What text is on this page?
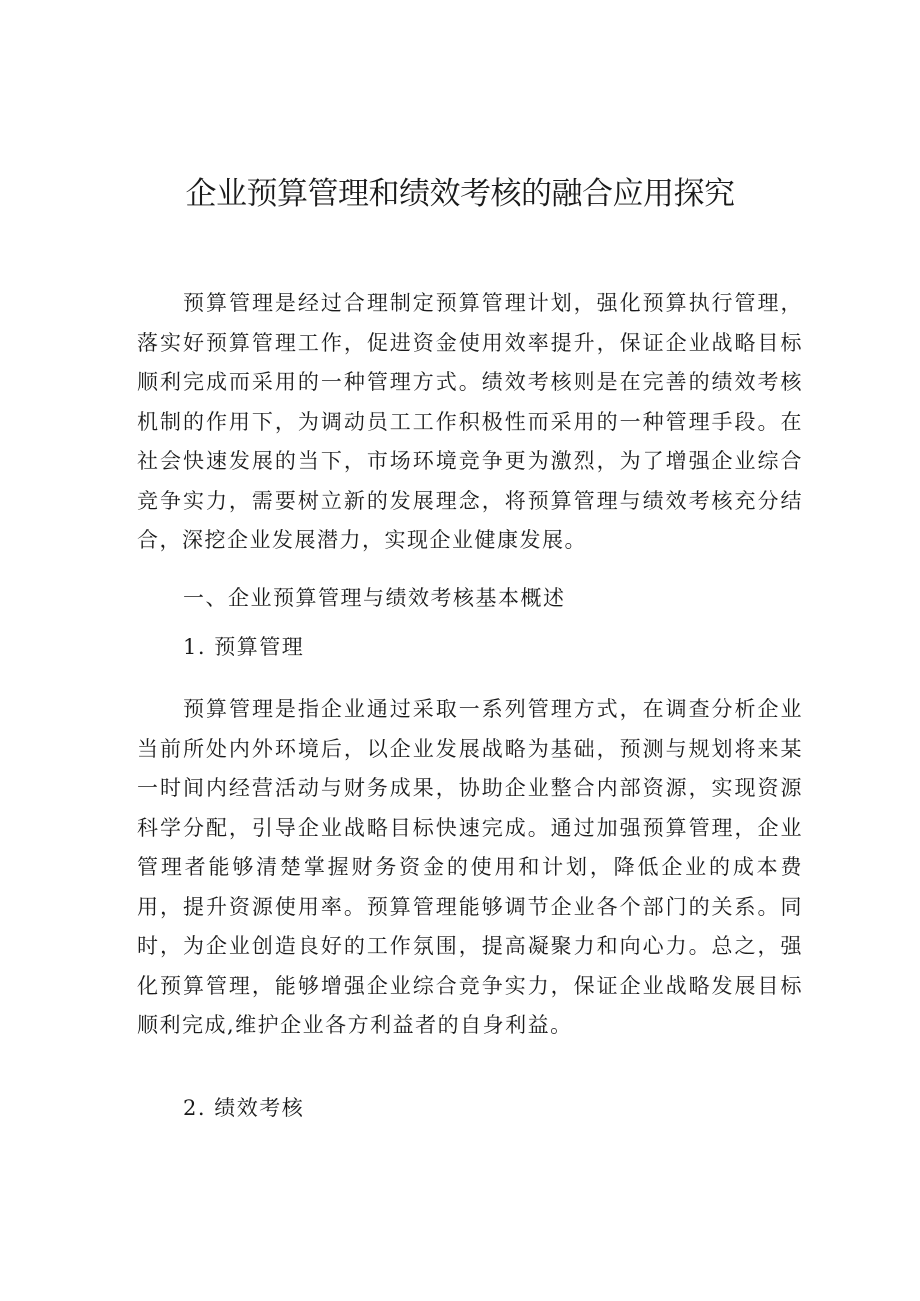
企业预算管理和绩效考核的融合应用探究

预算管理是经过合理制定预算管理计划，强化预算执行管理，落实好预算管理工作，促进资金使用效率提升，保证企业战略目标顺利完成而采用的一种管理方式。绩效考核则是在完善的绩效考核机制的作用下，为调动员工工作积极性而采用的一种管理手段。在社会快速发展的当下，市场环境竞争更为激烈，为了增强企业综合竞争实力，需要树立新的发展理念，将预算管理与绩效考核充分结合，深挖企业发展潜力，实现企业健康发展。

一、企业预算管理与绩效考核基本概述
1. 预算管理

预算管理是指企业通过采取一系列管理方式，在调查分析企业当前所处内外环境后，以企业发展战略为基础，预测与规划将来某一时间内经营活动与财务成果，协助企业整合内部资源，实现资源科学分配，引导企业战略目标快速完成。通过加强预算管理，企业管理者能够清楚掌握财务资金的使用和计划，降低企业的成本费用，提升资源使用率。预算管理能够调节企业各个部门的关系。同时，为企业创造良好的工作氛围，提高凝聚力和向心力。总之，强化预算管理，能够增强企业综合竞争实力，保证企业战略发展目标顺利完成,维护企业各方利益者的自身利益。

2. 绩效考核
